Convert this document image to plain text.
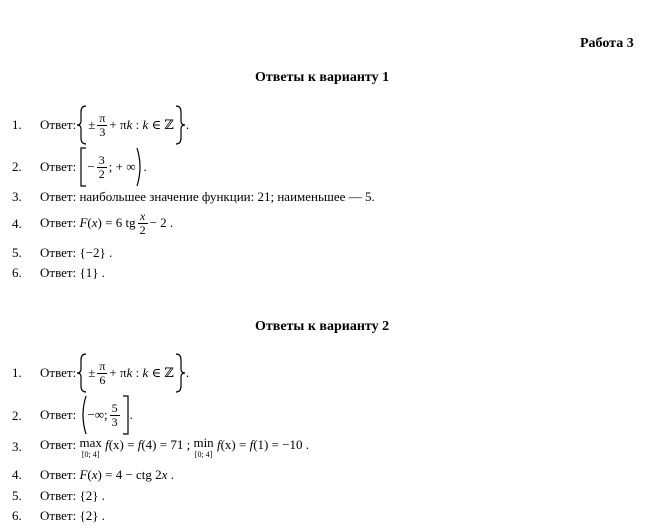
Работа 3
Ответы к варианту 1
1. Ответ: ± $\frac{\pi}{3} + \pi$ k
:
k
∈
ℤ .
2. Ответ:
− $\frac{3}{2}$ ; + ∞ .
3. Ответ: наибольшее значение функции: 21; наименьшее — 5.
4. Ответ:
F ( x ) = 6 tg $\frac{x}{2} - 2$ .
5. Ответ: {−2} .
6. Ответ: {1} .
Ответы к варианту 2
1. Ответ: ± $\frac{\pi}{6} + \pi$ k
:
k
∈
ℤ .
2. Ответ:
−∞; $\frac{5}{3}$ .
3. Ответ:
max
[0; 4]
f(x) = f(4) = 71 ; min
[0; 4]
f(x) = f(1) = −10 .
4. Ответ: F(x) = 4 − ctg 2x .
5. Ответ: {2} .
6. Ответ: {2} .
